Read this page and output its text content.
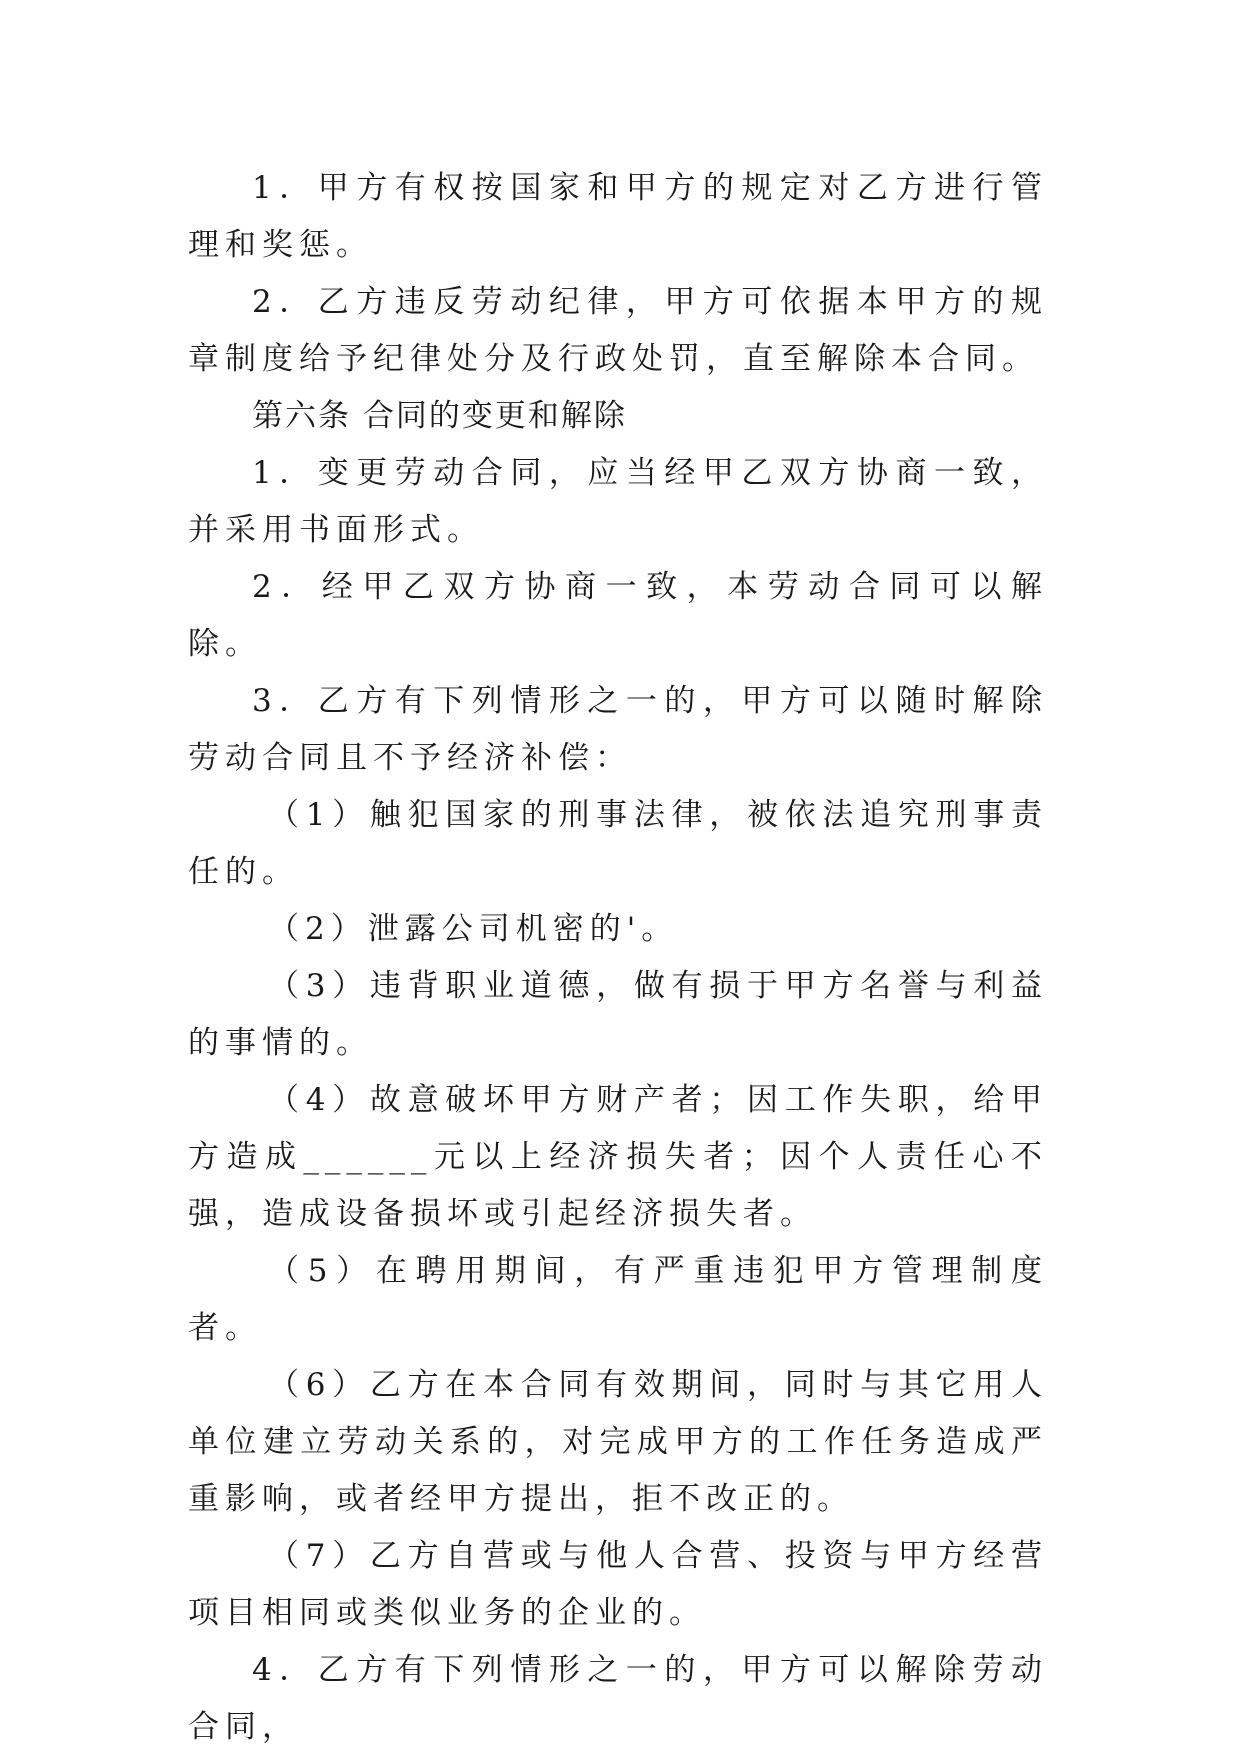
1．甲方有权按国家和甲方的规定对乙方进行管理和奖惩。

2．乙方违反劳动纪律，甲方可依据本甲方的规章制度给予纪律处分及行政处罚，直至解除本合同。

第六条 合同的变更和解除

1．变更劳动合同，应当经甲乙双方协商一致，并采用书面形式。

2．经甲乙双方协商一致，本劳动合同可以解除。

3．乙方有下列情形之一的，甲方可以随时解除劳动合同且不予经济补偿：

（1）触犯国家的刑事法律，被依法追究刑事责任的。

（2）泄露公司机密的'。

（3）违背职业道德，做有损于甲方名誉与利益的事情的。

（4）故意破坏甲方财产者；因工作失职，给甲方造成______元以上经济损失者；因个人责任心不强，造成设备损坏或引起经济损失者。

（5）在聘用期间，有严重违犯甲方管理制度者。

（6）乙方在本合同有效期间，同时与其它用人单位建立劳动关系的，对完成甲方的工作任务造成严重影响，或者经甲方提出，拒不改正的。

（7）乙方自营或与他人合营、投资与甲方经营项目相同或类似业务的企业的。

4．乙方有下列情形之一的，甲方可以解除劳动合同，
